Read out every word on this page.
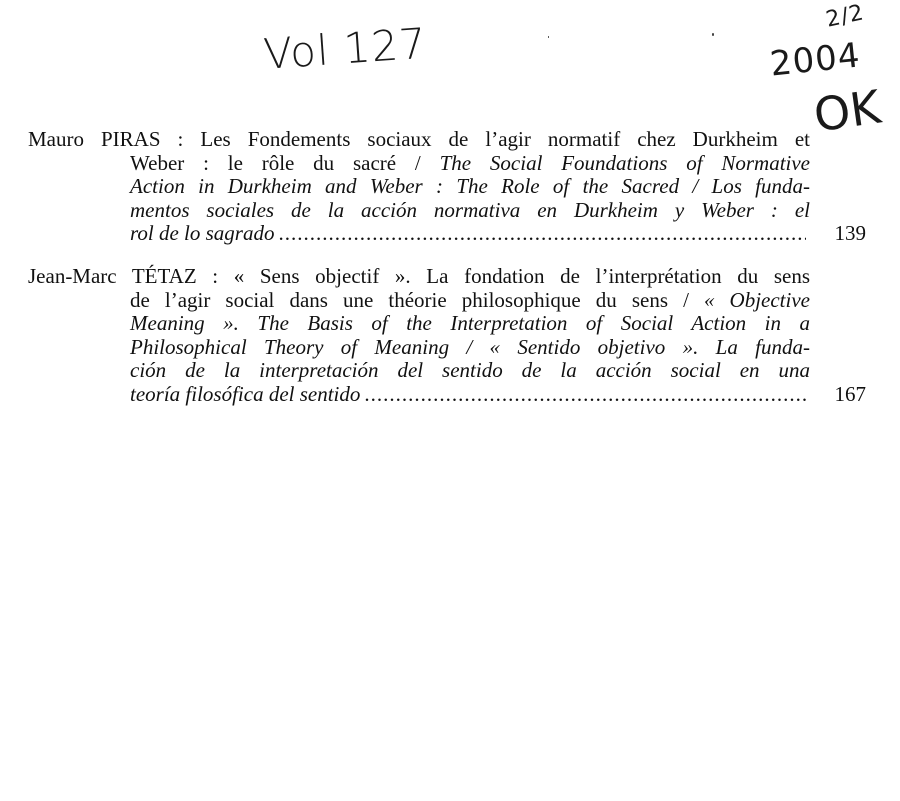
Vol 127
2/2
2004
OK
Mauro PIRAS : Les Fondements sociaux de l’agir normatif chez Durkheim et
Weber : le rôle du sacré / The Social Foundations of Normative
Action in Durkheim and Weber : The Role of the Sacred / Los funda-
mentos sociales de la acción normativa en Durkheim y Weber : el
rol de lo sagrado .....	139
Jean-Marc TÉTAZ : « Sens objectif ». La fondation de l’interprétation du sens
de l’agir social dans une théorie philosophique du sens / « Objective
Meaning ». The Basis of the Interpretation of Social Action in a
Philosophical Theory of Meaning / « Sentido objetivo ». La funda-
ción de la interpretación del sentido de la acción social en una
teoría filosófica del sentido .....	167
